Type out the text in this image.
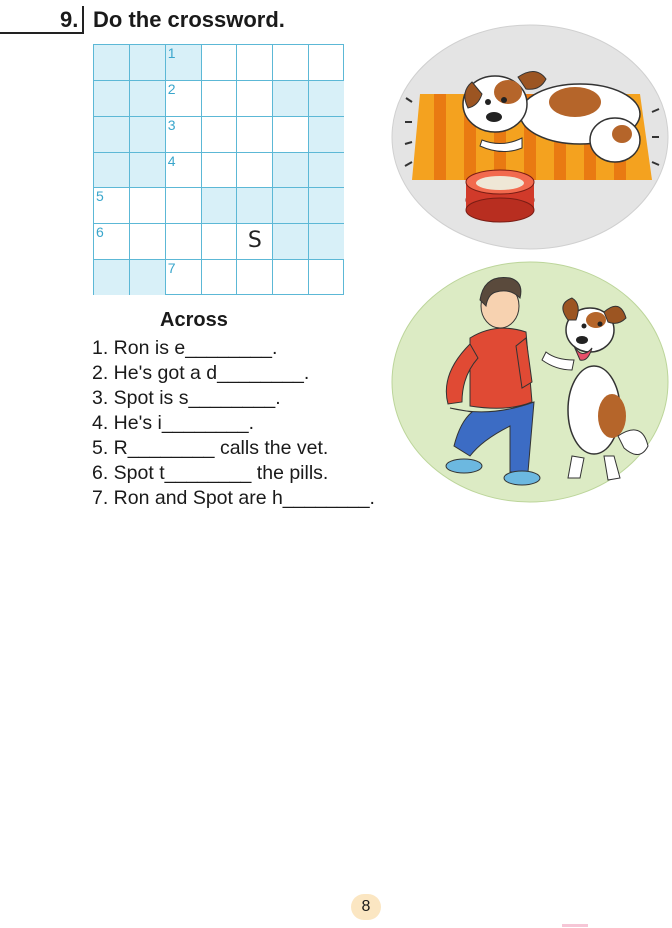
9. Do the crossword.
1
2
3
4
5
6	S
7
Across
1. Ron is e________.
2. He's got a d________.
3. Spot is s________.
4. He's i________.
5. R________ calls the vet.
6. Spot t________ the pills.
7. Ron and Spot are h________.
8
